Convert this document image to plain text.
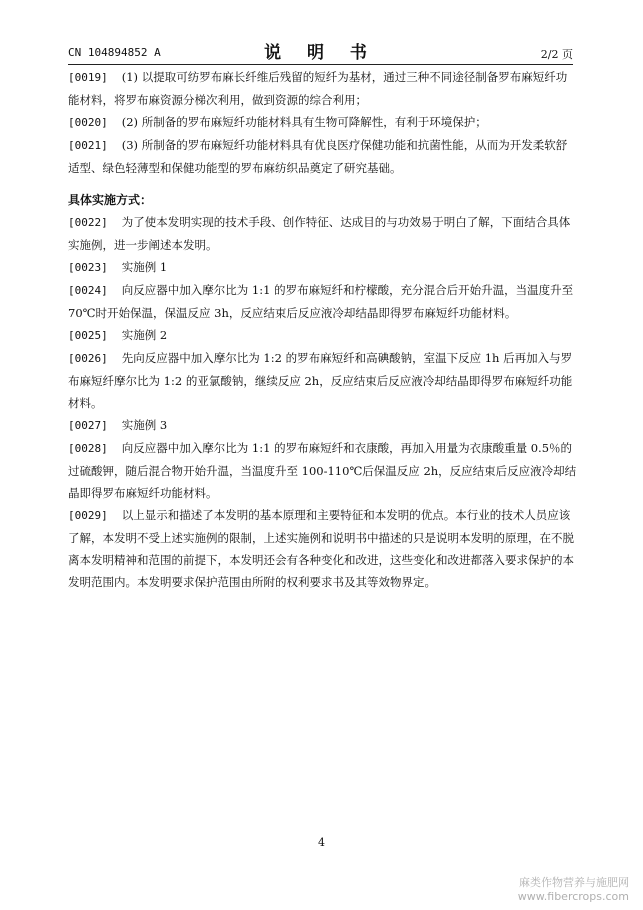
CN 104894852 A	说 明 书	2/2 页

[0019] (1) 以提取可纺罗布麻长纤维后残留的短纤为基材，通过三种不同途径制备罗布麻短纤功能材料，将罗布麻资源分梯次利用，做到资源的综合利用；

[0020] (2) 所制备的罗布麻短纤功能材料具有生物可降解性，有利于环境保护；

[0021] (3) 所制备的罗布麻短纤功能材料具有优良医疗保健功能和抗菌性能，从而为开发柔软舒适型、绿色轻薄型和保健功能型的罗布麻纺织品奠定了研究基础。

具体实施方式：

[0022] 为了使本发明实现的技术手段、创作特征、达成目的与功效易于明白了解，下面结合具体实施例，进一步阐述本发明。

[0023] 实施例 1

[0024] 向反应器中加入摩尔比为 1:1 的罗布麻短纤和柠檬酸，充分混合后开始升温，当温度升至 70℃时开始保温，保温反应 3h，反应结束后反应液冷却结晶即得罗布麻短纤功能材料。

[0025] 实施例 2

[0026] 先向反应器中加入摩尔比为 1:2 的罗布麻短纤和高碘酸钠，室温下反应 1h 后再加入与罗布麻短纤摩尔比为 1:2 的亚氯酸钠，继续反应 2h，反应结束后反应液冷却结晶即得罗布麻短纤功能材料。

[0027] 实施例 3

[0028] 向反应器中加入摩尔比为 1:1 的罗布麻短纤和衣康酸，再加入用量为衣康酸重量 0.5％的过硫酸钾，随后混合物开始升温，当温度升至 100-110℃后保温反应 2h，反应结束后反应液冷却结晶即得罗布麻短纤功能材料。

[0029] 以上显示和描述了本发明的基本原理和主要特征和本发明的优点。本行业的技术人员应该了解，本发明不受上述实施例的限制，上述实施例和说明书中描述的只是说明本发明的原理，在不脱离本发明精神和范围的前提下，本发明还会有各种变化和改进，这些变化和改进都落入要求保护的本发明范围内。本发明要求保护范围由所附的权利要求书及其等效物界定。

4
麻类作物营养与施肥网
www.fibercrops.com
